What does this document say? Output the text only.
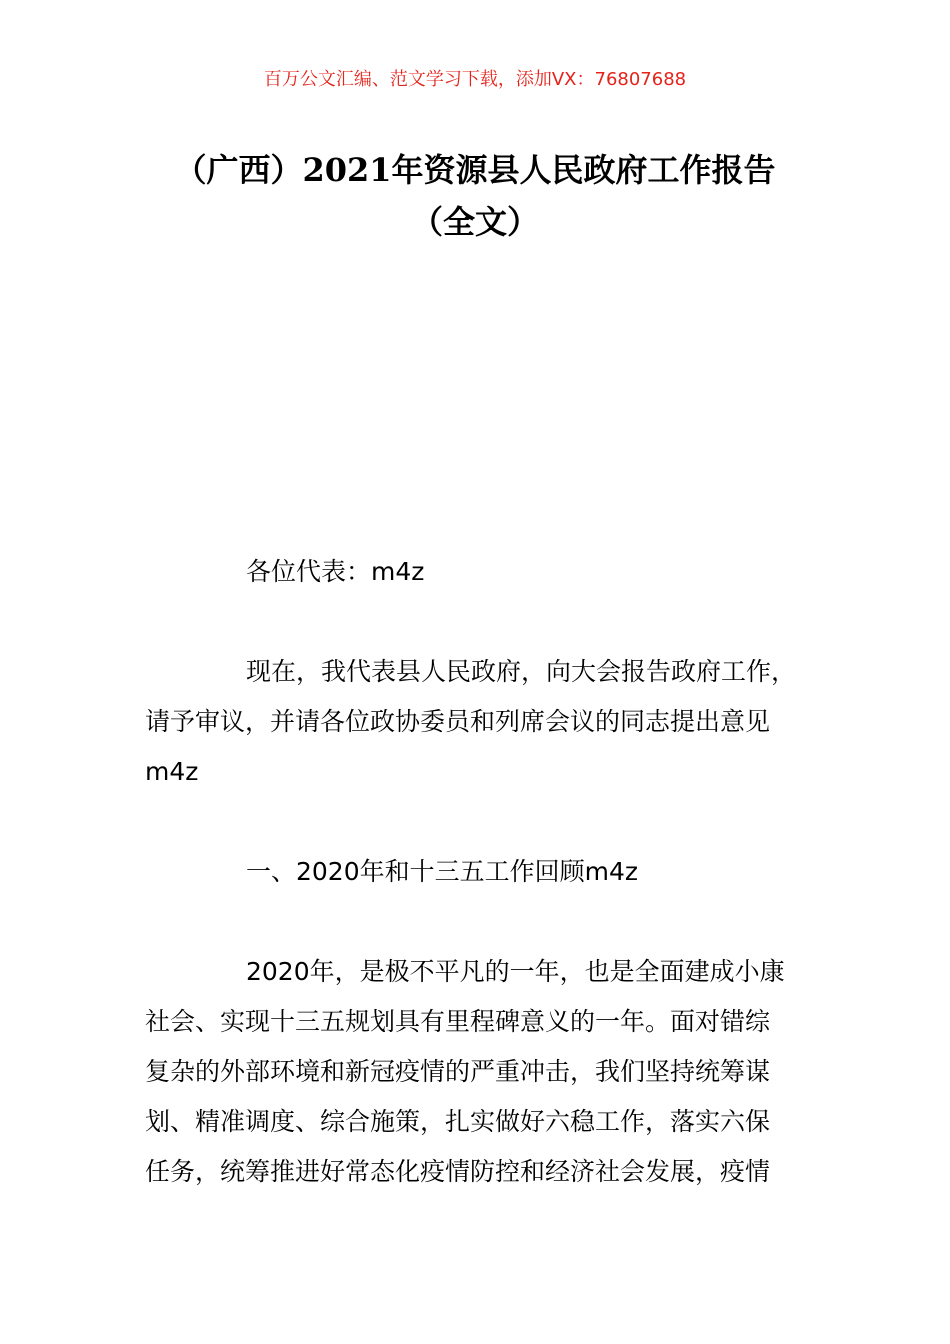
百万公文汇编、范文学习下载，添加VX：76807688
（广西）2021年资源县人民政府工作报告
（全文）

各位代表：m4z

现在，我代表县人民政府，向大会报告政府工作，
请予审议，并请各位政协委员和列席会议的同志提出意见
m4z

一、2020年和十三五工作回顾m4z

2020年，是极不平凡的一年，也是全面建成小康
社会、实现十三五规划具有里程碑意义的一年。面对错综
复杂的外部环境和新冠疫情的严重冲击，我们坚持统筹谋
划、精准调度、综合施策，扎实做好六稳工作，落实六保
任务，统筹推进好常态化疫情防控和经济社会发展，疫情
